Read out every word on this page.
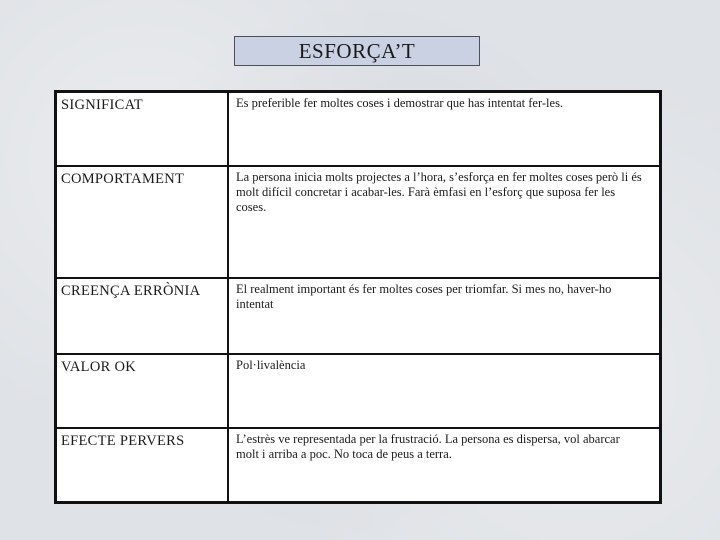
ESFORÇA’T
SIGNIFICAT	Es preferible fer moltes coses i demostrar que has intentat fer-les.
COMPORTAMENT	La persona inicia molts projectes a l’hora, s’esforça en fer moltes coses però li és molt difícil concretar i acabar-les. Farà èmfasi en l’esforç que suposa fer les coses.
CREENÇA ERRÒNIA	El realment important és fer moltes coses per triomfar. Si mes no, haver-ho intentat
VALOR OK	Pol·livalència
EFECTE PERVERS	L’estrès ve representada per la frustració. La persona es dispersa, vol abarcar molt i arriba a poc. No toca de peus a terra.
